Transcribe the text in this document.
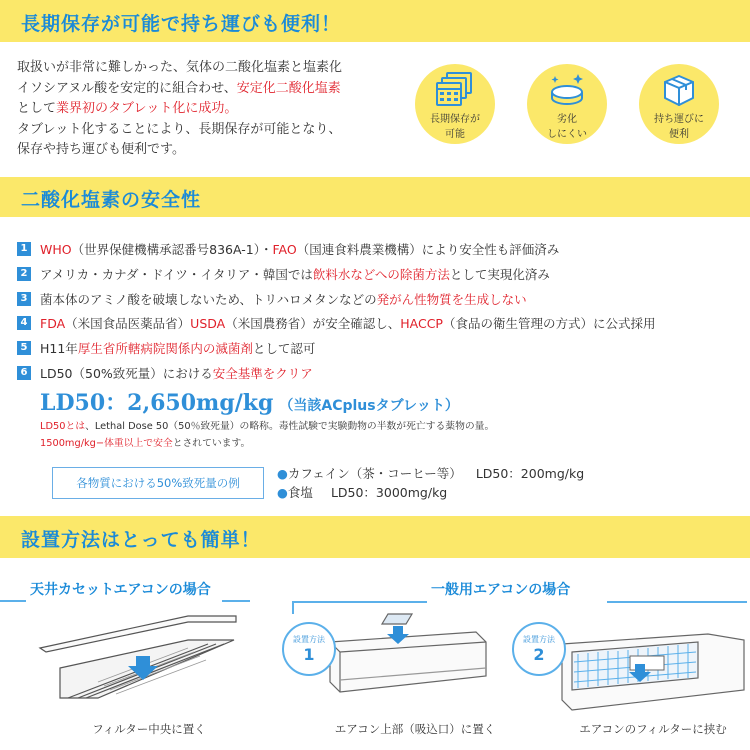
長期保存が可能で持ち運びも便利！
取扱いが非常に難しかった、気体の二酸化塩素と塩素化
イソシアヌル酸を安定的に組合わせ、安定化二酸化塩素
として業界初のタブレット化に成功。
タブレット化することにより、長期保存が可能となり、
保存や持ち運びも便利です。
長期保存が
可能
劣化
しにくい
持ち運びに
便利
二酸化塩素の安全性
1 WHO（世界保健機構承認番号836A-1）・FAO（国連食料農業機構）により安全性も評価済み
2 アメリカ・カナダ・ドイツ・イタリア・韓国では飲料水などへの除菌方法として実現化済み
3 菌本体のアミノ酸を破壊しないため、トリハロメタンなどの発がん性物質を生成しない
4 FDA（米国食品医薬品省）USDA（米国農務省）が安全確認し、HACCP（食品の衛生管理の方式）に公式採用
5 H11年厚生省所轄病院関係内の滅菌剤として認可
6 LD50（50%致死量）における安全基準をクリア
LD50：2,650mg/kg （当該ACplusタブレット）
LD50とは、Lethal Dose 50（50％致死量）の略称。毒性試験で実験動物の半数が死亡する薬物の量。
1500mg/kg−体重以上で安全とされています。
各物質における50%致死量の例
●カフェイン（茶・コーヒー等） LD50：200mg/kg
●食塩 LD50：3000mg/kg
設置方法はとっても簡単！
天井カセットエアコンの場合
フィルター中央に置く
一般用エアコンの場合
設置方法
1
エアコン上部（吸込口）に置く
設置方法
2
エアコンのフィルターに挟む
